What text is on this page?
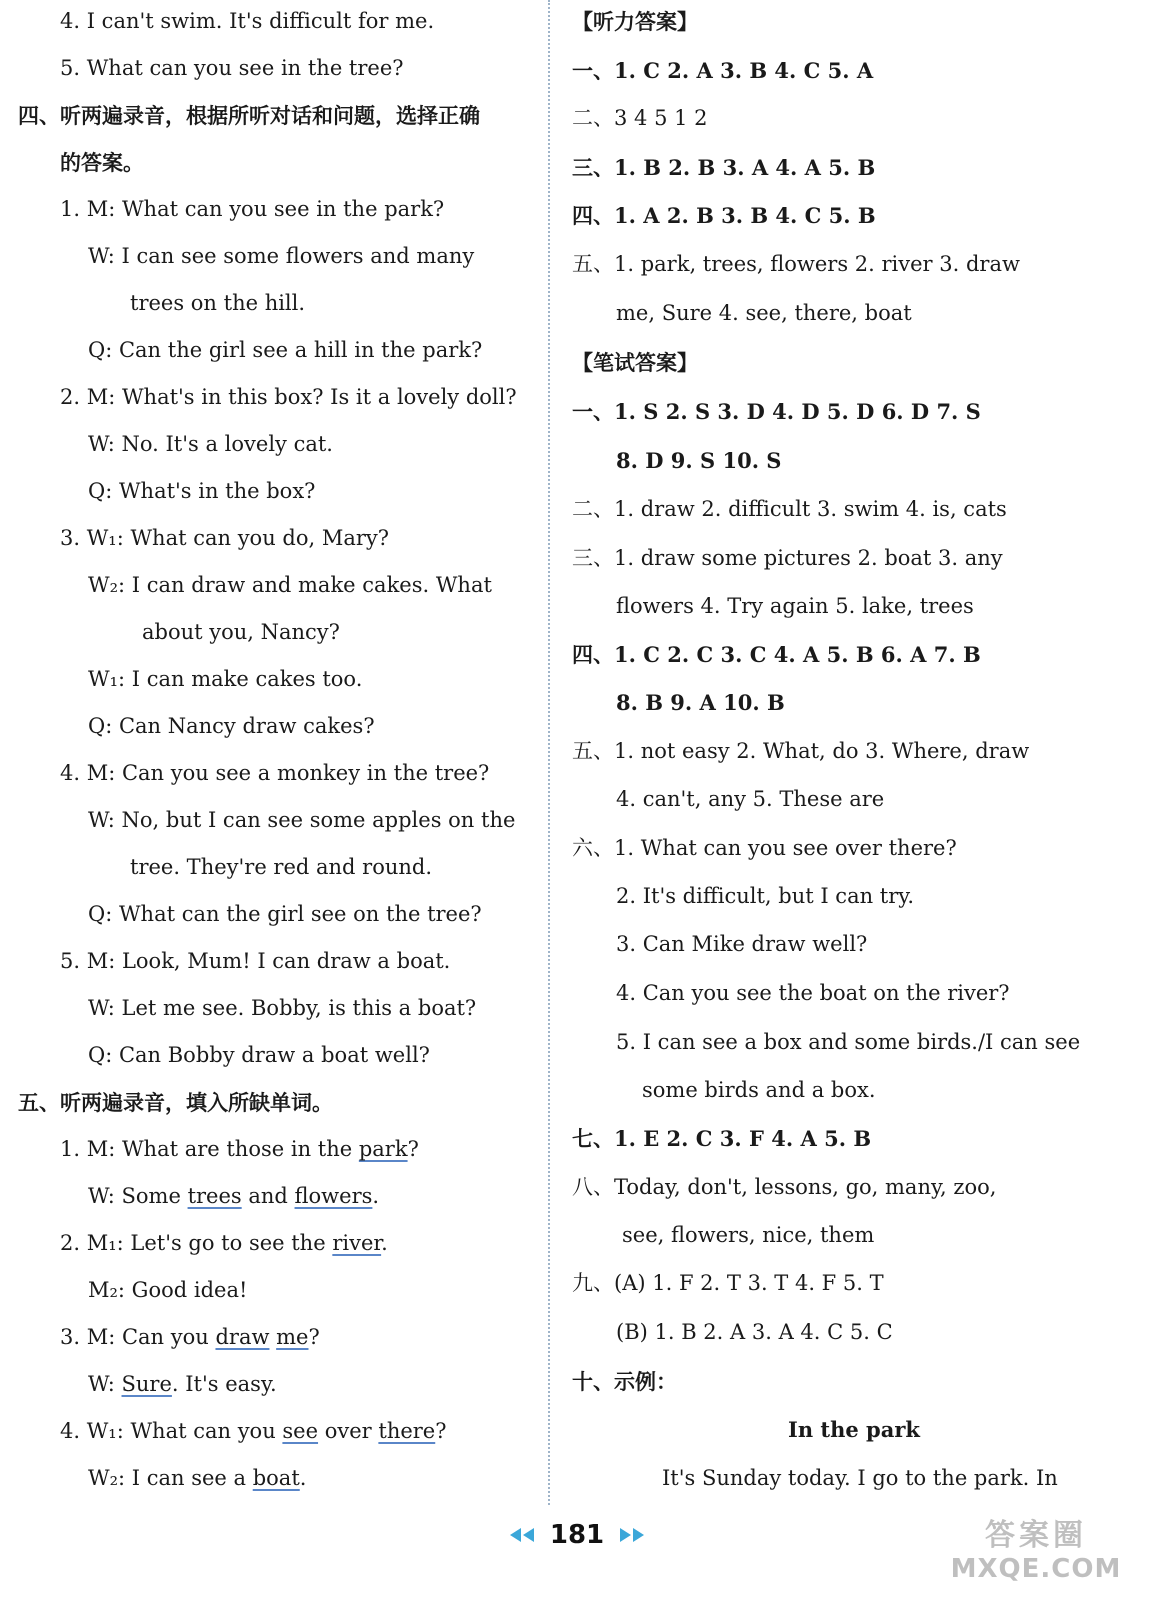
4. I can't swim. It's difficult for me.
5. What can you see in the tree?
四、听两遍录音，根据所听对话和问题，选择正确
的答案。
1. M: What can you see in the park?
W: I can see some flowers and many
trees on the hill.
Q: Can the girl see a hill in the park?
2. M: What's in this box? Is it a lovely doll?
W: No. It's a lovely cat.
Q: What's in the box?
3. W₁: What can you do, Mary?
W₂: I can draw and make cakes. What
about you, Nancy?
W₁: I can make cakes too.
Q: Can Nancy draw cakes?
4. M: Can you see a monkey in the tree?
W: No, but I can see some apples on the
tree. They're red and round.
Q: What can the girl see on the tree?
5. M: Look, Mum! I can draw a boat.
W: Let me see. Bobby, is this a boat?
Q: Can Bobby draw a boat well?
五、听两遍录音，填入所缺单词。
1. M: What are those in the park?
W: Some trees and flowers.
2. M₁: Let's go to see the river.
M₂: Good idea!
3. M: Can you draw me?
W: Sure. It's easy.
4. W₁: What can you see over there?
W₂: I can see a boat.
【听力答案】
一、1. C 2. A 3. B 4. C 5. A
二、3 4 5 1 2
三、1. B 2. B 3. A 4. A 5. B
四、1. A 2. B 3. B 4. C 5. B
五、1. park, trees, flowers 2. river 3. draw
me, Sure 4. see, there, boat
【笔试答案】
一、1. S 2. S 3. D 4. D 5. D 6. D 7. S
8. D 9. S 10. S
二、1. draw 2. difficult 3. swim 4. is, cats
三、1. draw some pictures 2. boat 3. any
flowers 4. Try again 5. lake, trees
四、1. C 2. C 3. C 4. A 5. B 6. A 7. B
8. B 9. A 10. B
五、1. not easy 2. What, do 3. Where, draw
4. can't, any 5. These are
六、1. What can you see over there?
2. It's difficult, but I can try.
3. Can Mike draw well?
4. Can you see the boat on the river?
5. I can see a box and some birds./I can see
some birds and a box.
七、1. E 2. C 3. F 4. A 5. B
八、Today, don't, lessons, go, many, zoo,
see, flowers, nice, them
九、(A) 1. F 2. T 3. T 4. F 5. T
(B) 1. B 2. A 3. A 4. C 5. C
十、示例：
In the park
It's Sunday today. I go to the park. In
181	答案圈
MXQE.COM
